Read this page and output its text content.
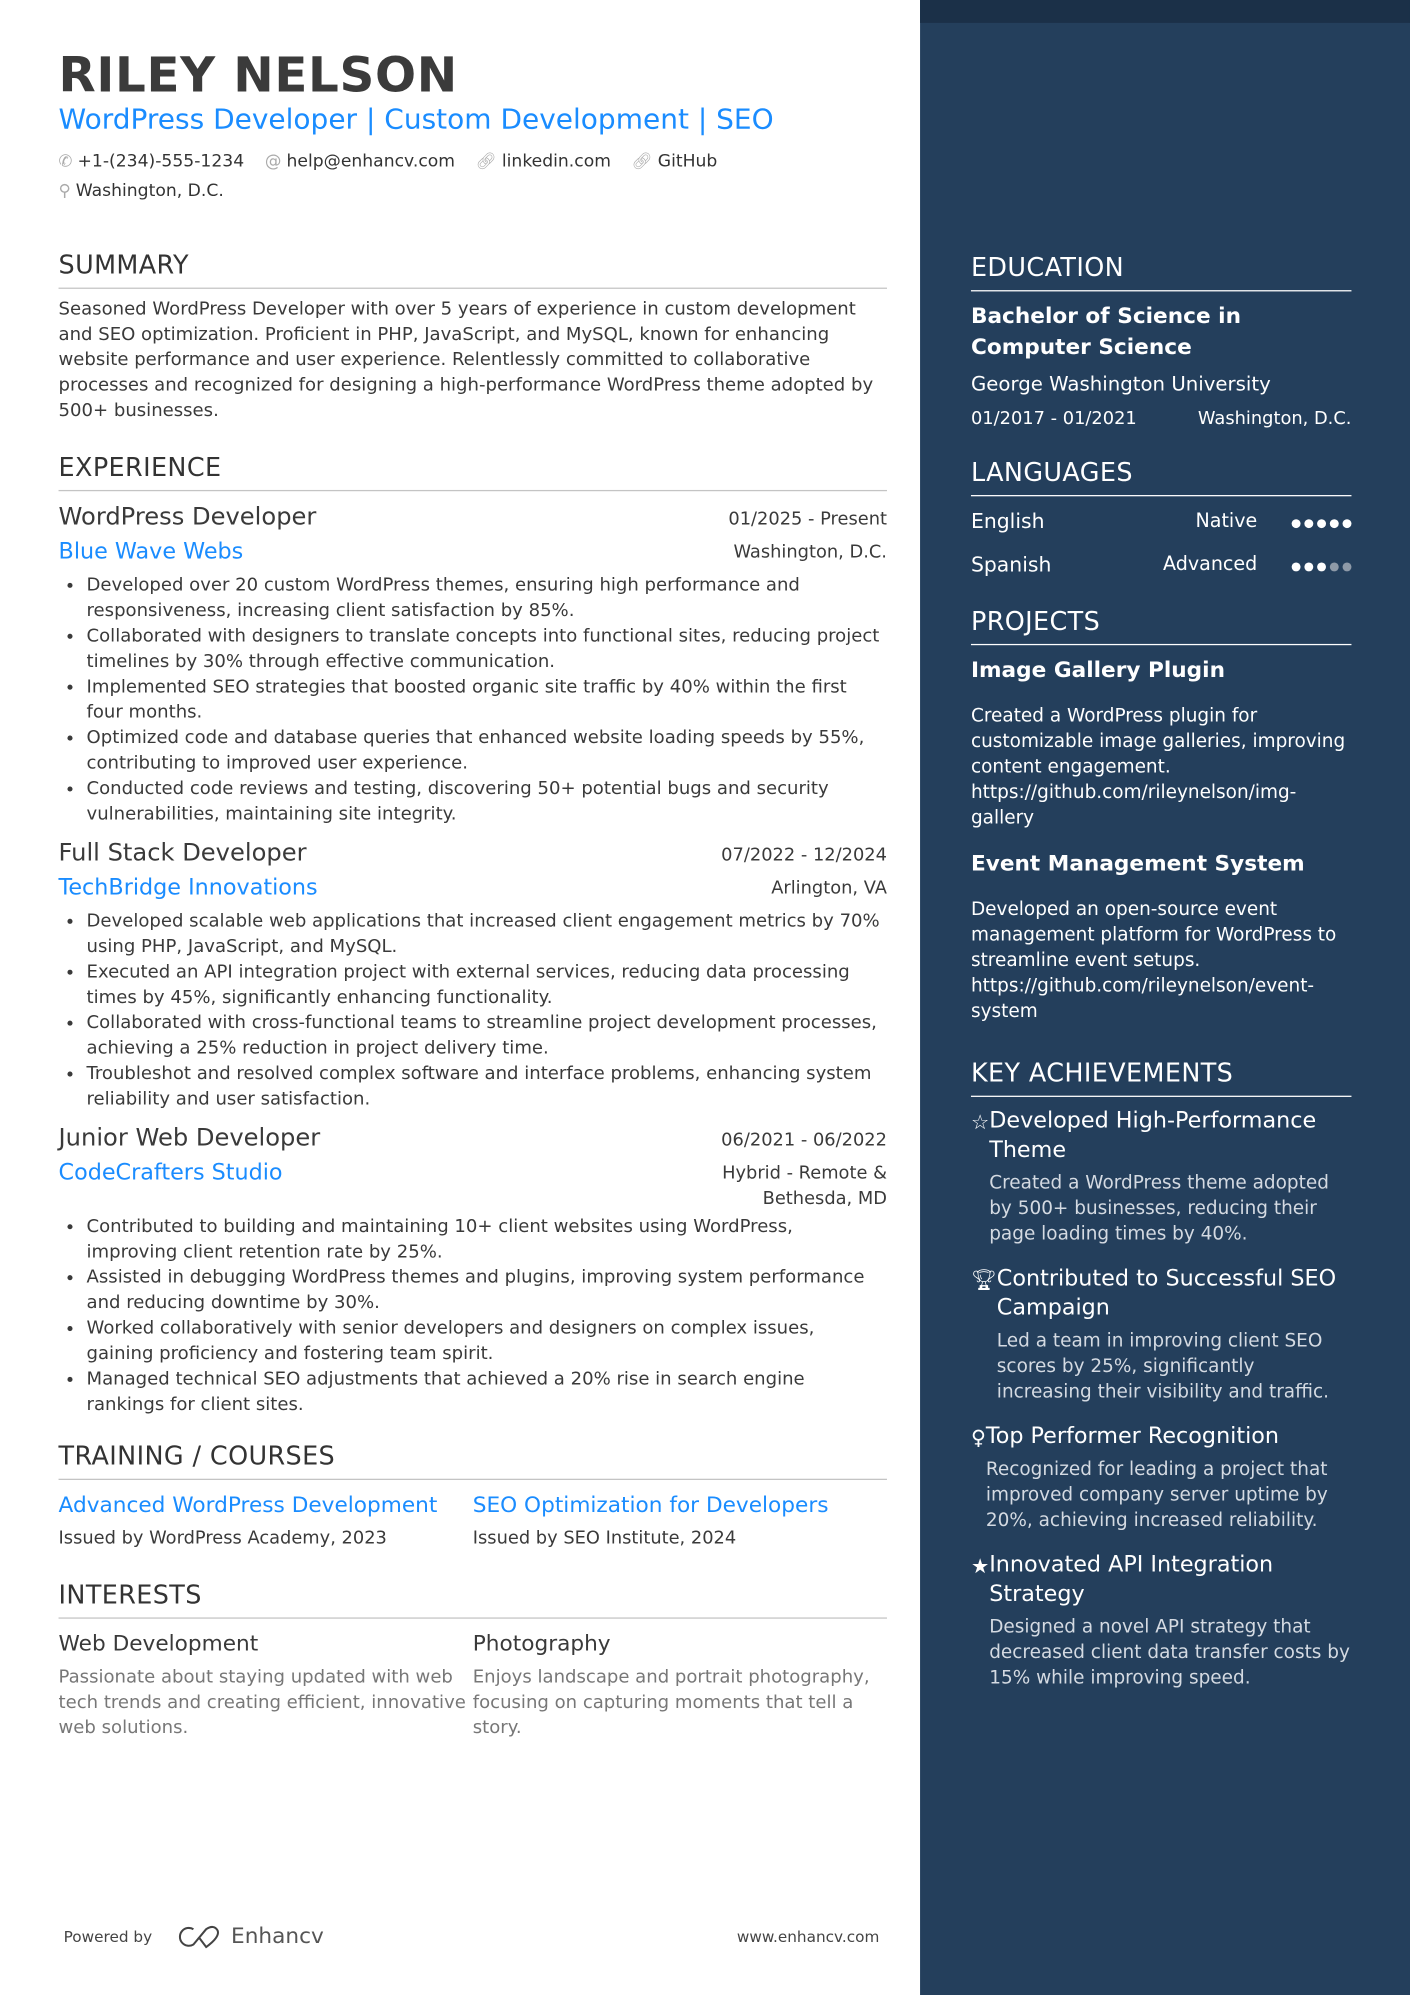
RILEY NELSON
WordPress Developer | Custom Development | SEO
✆ +1-(234)-555-1234 @ help@enhancv.com 🔗︎ linkedin.com 🔗︎ GitHub
⚲ Washington, D.C.
SUMMARY
Seasoned WordPress Developer with over 5 years of experience in custom development and SEO optimization. Proficient in PHP, JavaScript, and MySQL, known for enhancing website performance and user experience. Relentlessly committed to collaborative processes and recognized for designing a high-performance WordPress theme adopted by 500+ businesses.
EXPERIENCE
WordPress Developer	01/2025 - Present
Blue Wave Webs	Washington, D.C.
• Developed over 20 custom WordPress themes, ensuring high performance and responsiveness, increasing client satisfaction by 85%.
• Collaborated with designers to translate concepts into functional sites, reducing project timelines by 30% through effective communication.
• Implemented SEO strategies that boosted organic site traffic by 40% within the first four months.
• Optimized code and database queries that enhanced website loading speeds by 55%, contributing to improved user experience.
• Conducted code reviews and testing, discovering 50+ potential bugs and security vulnerabilities, maintaining site integrity.
Full Stack Developer	07/2022 - 12/2024
TechBridge Innovations	Arlington, VA
• Developed scalable web applications that increased client engagement metrics by 70% using PHP, JavaScript, and MySQL.
• Executed an API integration project with external services, reducing data processing times by 45%, significantly enhancing functionality.
• Collaborated with cross-functional teams to streamline project development processes, achieving a 25% reduction in project delivery time.
• Troubleshot and resolved complex software and interface problems, enhancing system reliability and user satisfaction.
Junior Web Developer	06/2021 - 06/2022
CodeCrafters Studio	Hybrid - Remote & Bethesda, MD
• Contributed to building and maintaining 10+ client websites using WordPress, improving client retention rate by 25%.
• Assisted in debugging WordPress themes and plugins, improving system performance and reducing downtime by 30%.
• Worked collaboratively with senior developers and designers on complex issues, gaining proficiency and fostering team spirit.
• Managed technical SEO adjustments that achieved a 20% rise in search engine rankings for client sites.
TRAINING / COURSES
Advanced WordPress Development
Issued by WordPress Academy, 2023
SEO Optimization for Developers
Issued by SEO Institute, 2024
INTERESTS
Web Development
Passionate about staying updated with web tech trends and creating efficient, innovative web solutions.
Photography
Enjoys landscape and portrait photography, focusing on capturing moments that tell a story.
Powered by	Enhancv	www.enhancv.com
EDUCATION
Bachelor of Science in Computer Science
George Washington University
01/2017 - 01/2021	Washington, D.C.
LANGUAGES
English	Native
Spanish	Advanced
PROJECTS
Image Gallery Plugin
Created a WordPress plugin for customizable image galleries, improving content engagement. https://github.com/rileynelson/img-gallery
Event Management System
Developed an open-source event management platform for WordPress to streamline event setups. https://github.com/rileynelson/event-system
KEY ACHIEVEMENTS
☆ Developed High-Performance Theme
Created a WordPress theme adopted by 500+ businesses, reducing their page loading times by 40%.
🏆︎ Contributed to Successful SEO Campaign
Led a team in improving client SEO scores by 25%, significantly increasing their visibility and traffic.
♀ Top Performer Recognition
Recognized for leading a project that improved company server uptime by 20%, achieving increased reliability.
★ Innovated API Integration Strategy
Designed a novel API strategy that decreased client data transfer costs by 15% while improving speed.
